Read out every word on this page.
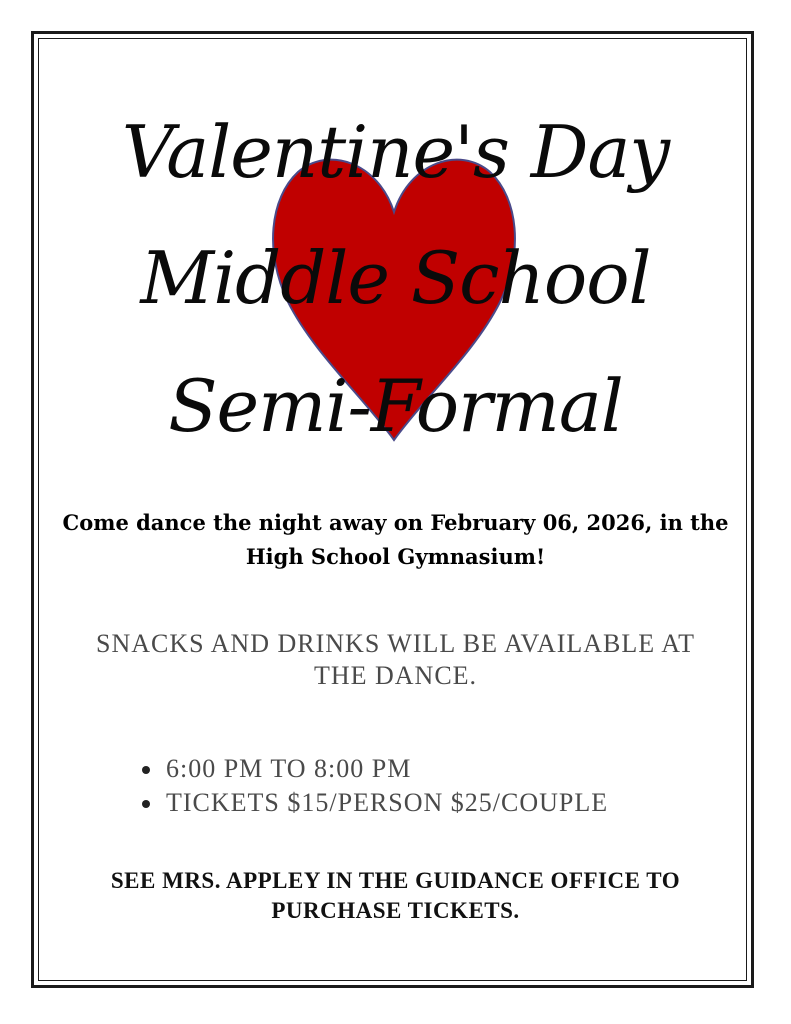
Valentine's Day
Middle School
Semi-Formal
Come dance the night away on February 06, 2026, in the High School Gymnasium!
SNACKS AND DRINKS WILL BE AVAILABLE AT THE DANCE.
6:00 PM TO 8:00 PM
TICKETS $15/PERSON $25/COUPLE
SEE MRS. APPLEY IN THE GUIDANCE OFFICE TO PURCHASE TICKETS.
